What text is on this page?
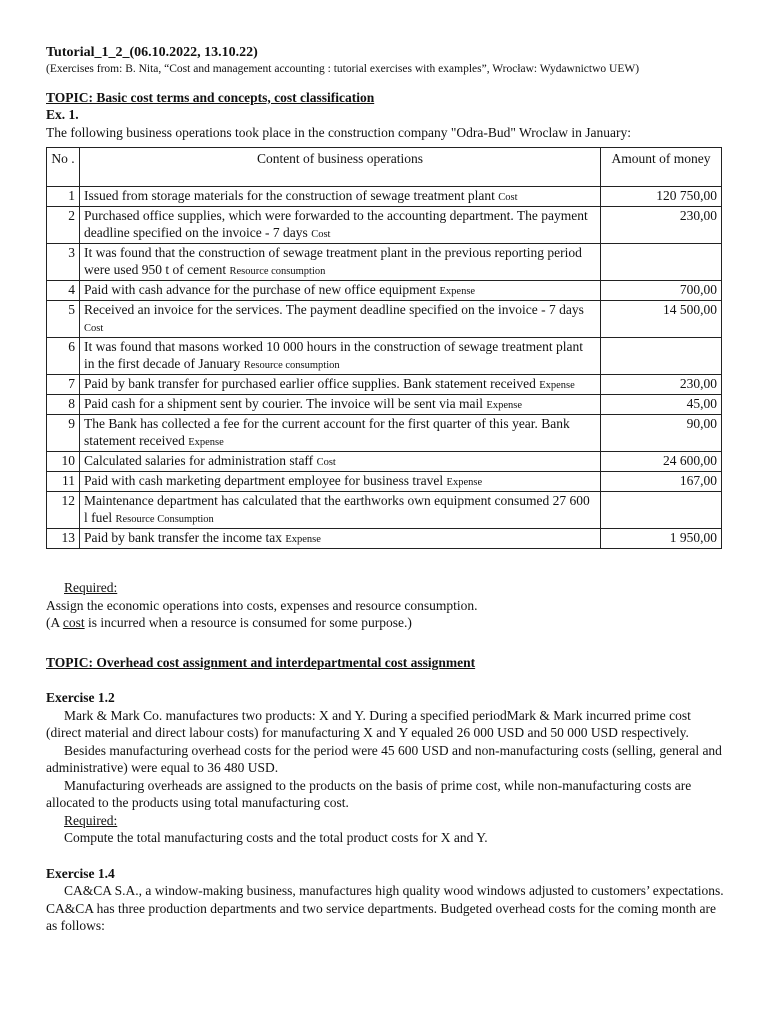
Tutorial_1_2_(06.10.2022, 13.10.22)
(Exercises from: B. Nita, “Cost and management accounting : tutorial exercises with examples”, Wrocław: Wydawnictwo UEW)
TOPIC: Basic cost terms and concepts, cost classification
Ex. 1.
The following business operations took place in the construction company "Odra-Bud" Wroclaw in January:
No .	Content of business operations	Amount of money
1	Issued from storage materials for the construction of sewage treatment plant Cost	120 750,00
2	Purchased office supplies, which were forwarded to the accounting department. The payment deadline specified on the invoice - 7 days Cost	230,00
3	It was found that the construction of sewage treatment plant in the previous reporting period were used 950 t of cement Resource consumption	
4	Paid with cash advance for the purchase of new office equipment Expense	700,00
5	Received an invoice for the services. The payment deadline specified on the invoice - 7 days Cost	14 500,00
6	It was found that masons worked 10 000 hours in the construction of sewage treatment plant in the first decade of January Resource consumption	
7	Paid by bank transfer for purchased earlier office supplies. Bank statement received Expense	230,00
8	Paid cash for a shipment sent by courier. The invoice will be sent via mail Expense	45,00
9	The Bank has collected a fee for the current account for the first quarter of this year. Bank statement received Expense	90,00
10	Calculated salaries for administration staff Cost	24 600,00
11	Paid with cash marketing department employee for business travel Expense	167,00
12	Maintenance department has calculated that the earthworks own equipment consumed 27 600 l fuel Resource Consumption	
13	Paid by bank transfer the income tax Expense	1 950,00
Required:
Assign the economic operations into costs, expenses and resource consumption.
(A cost is incurred when a resource is consumed for some purpose.)
TOPIC: Overhead cost assignment and interdepartmental cost assignment
Exercise 1.2
Mark & Mark Co. manufactures two products: X and Y. During a specified periodMark & Mark incurred prime cost (direct material and direct labour costs) for manufacturing X and Y equaled 26 000 USD and 50 000 USD respectively.
Besides manufacturing overhead costs for the period were 45 600 USD and non-manufacturing costs (selling, general and administrative) were equal to 36 480 USD.
Manufacturing overheads are assigned to the products on the basis of prime cost, while non-manufacturing costs are allocated to the products using total manufacturing cost.
Required:
Compute the total manufacturing costs and the total product costs for X and Y.
Exercise 1.4
CA&CA S.A., a window-making business, manufactures high quality wood windows adjusted to customers’ expectations. CA&CA has three production departments and two service departments. Budgeted overhead costs for the coming month are as follows:
